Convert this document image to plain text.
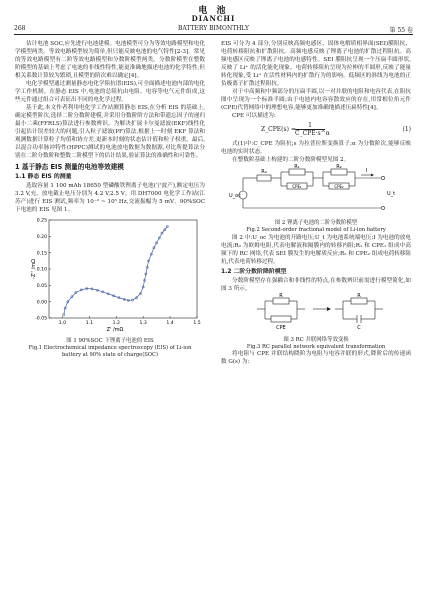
电 池
DIANCHI
268	BATTERY BIMONTHLY	第 55 卷

估计电池 SOC,应先进行电池建模。电池模型可分为等效电路模型和电化学模型两类。等效电路模型较为简单,但只能反映电池的电气特性[2-3]。常见的等效电路模型有二阶等效电路模型和分数阶模型两类。分数阶模型在整数阶模型的基础上考虑了电池的非线性特性,能更准确地描述电池的化学特性,但相关系数计算较为繁琐,且模型的阶次难以确定[4]。

电化学模型通过测量静态电化学阻抗谱(EIS),可全面描述电池内部的电化学工作机制。在静态 EIS 中,电池的总阻抗由电阻、电容等电气元件组成,这些元件通过组合可表征出不同的电化学过程。

基于此,本文作者利用电化学工作站测算静态 EIS,在分析 EIS 的基础上,确定模型阶次,选择二阶分数阶建模,并采用分数阶阶方法和带遗忘因子的递归最小二乘(FFRLS)算法进行参数辨识。为解决扩展卡尔曼滤波(EKF)线性化引起估计误差较大的问题,引入粒子滤波(PF)算法,根据上一时刻 EKF 算法和观测数据计算粒子均值和协方差,更新本时刻的状态估计值和粒子权重。最后,以混合功率脉冲特性(HPPC)测试的电池放电数据为数据源,对比所提算法分别在二阶分数阶和整数二阶模型下的估计结果,验证算法的准确性和可靠性。

1 基于静态 EIS 测量的电池等效建模
1.1 静态 EIS 的测量

选取容量 1 100 mAh 18650 型磷酸铁锂离子电池(宁波产),额定电压为 3.2 V,充、放电截止电压分别为 4.2 V,2.5 V。用 DH7000 电化学工作站(江苏产)进行 EIS 测试,频率为 10⁻² ~ 10⁵ Hz,交流振幅为 5 mV。90%SOC 下电池的 EIS 见图 1。

1.0	1.1	1.2	1.3	1.4	1.5
-0.05
0.00
0.05
0.10
0.15
0.20
0.25
Z' /mΩ
-Z'' /mΩ
图 1 90%SOC 下锂离子电池的 EIS
Fig.1 Electrochemical impedance spectroscopy (EIS) of Li-ion
battery at 90% state of charge(SOC)

EIS 可分为 4 部分,分别反映高频电感区、固体电解质相界面(SEI)膜阻抗、电荷转移阻抗和扩散阻抗。高频电感反映了锂离子电池的扩散过程阻抗。高频电感区反映了锂离子电池的电感特性。SEI 膜阻抗呈现一个压扁半圆形状,反映了 Li⁺ 的活化能化现象。电荷转移阻抗呈现为拉伸的半圆形,反映了能量转化现象,受 Li⁺ 在活性材料内的扩散行为的影响。低频区的斜线为电池的正负极离子扩散过程阻抗。

对于中高频和中频部分的压扁半圆,以一对并联的电阻和电容代表,在阻抗图中呈现为一个标准半圆;由于电池内电容容散效应的存在,用常相位角元件(CPE)代替网络中的理想电容,能够更加准确地描述压扁特性[4]。

CPE 可以描述为:

Z_CPE(s) =
1
C_CPE·s^α
(1)

式(1)中:C_CPE 为阻抗;s 为拉普拉斯变换算子;α 为分数阶次,能够反映电池的实时状态。

在整数阶基础上构建的二阶分数阶模型见图 2。

R₀
R₁
CPE₁
R₂
CPE₂
U_oc
I
U_t
图 2 锂离子电池的二阶分数阶模型
Fig.2 Second-order fractional model of Li-ion battery

图 2 中:U_oc 为电池的开路电压;U_t 为电池系统端电压;I 为电池的放电电流;R₀ 为欧姆电阻,代表电解液和隔膜内的转移内阻;R₁ 和 CPE₁ 组成中高频下的 RC 网络,代表 SEI 膜发生的电解质反应;R₂ 和 CPE₂ 组成电荷转移阻抗,代表电荷转移过程。

1.2 二阶分数阶降阶模型

分数阶模型存在强耦合和非线性的特点,在参数辨识前需进行模型简化,如图 3 所示。

R
CPE
R
C
图 3 RC 并联网络等效变换
Fig.3 RC parallel network equivalent transformation

将电阻与 CPE 并联结构降阶为电阻与电容并联的形式,降阶后的传递函数 G(s) 为:
